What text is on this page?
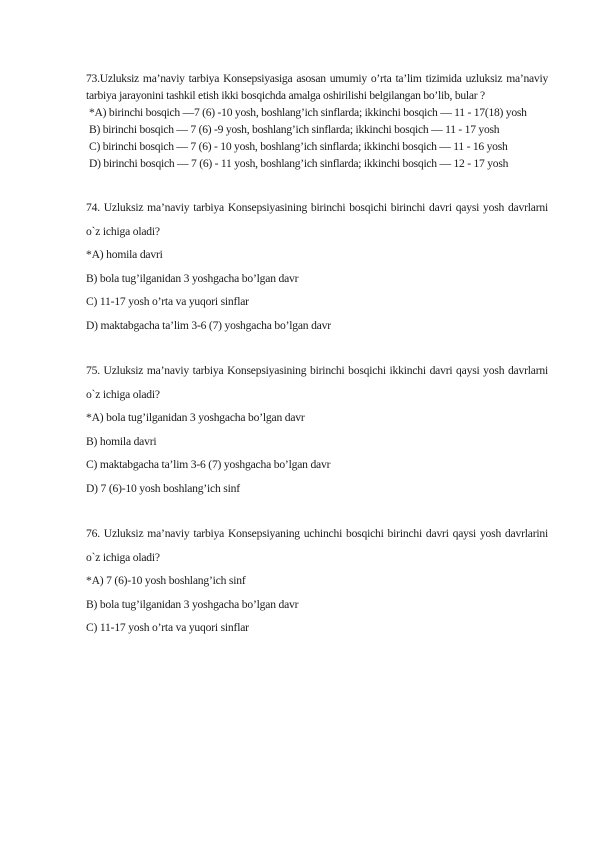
73.Uzluksiz ma’naviy tarbiya Konsepsiyasiga asosan umumiy o’rta ta’lim tizimida uzluksiz ma’naviy tarbiya jarayonini tashkil etish ikki bosqichda amalga oshirilishi belgilangan bo’lib, bular ?

*A) birinchi bosqich —7 (6) -10 yosh, boshlang’ich sinflarda; ikkinchi bosqich — 11 - 17(18) yosh

B) birinchi bosqich — 7 (6) -9 yosh, boshlang’ich sinflarda; ikkinchi bosqich — 11 - 17 yosh

C) birinchi bosqich — 7 (6) - 10 yosh, boshlang’ich sinflarda; ikkinchi bosqich — 11 - 16 yosh

D) birinchi bosqich — 7 (6) - 11 yosh, boshlang’ich sinflarda; ikkinchi bosqich — 12 - 17 yosh

74. Uzluksiz ma’naviy tarbiya Konsepsiyasining birinchi bosqichi birinchi davri qaysi yosh davrlarni o`z ichiga oladi?

*A) homila davri

B) bola tug’ilganidan 3 yoshgacha bo’lgan davr

C) 11-17 yosh o’rta va yuqori sinflar

D) maktabgacha ta’lim 3-6 (7) yoshgacha bo’lgan davr

75. Uzluksiz ma’naviy tarbiya Konsepsiyasining birinchi bosqichi ikkinchi davri qaysi yosh davrlarni o`z ichiga oladi?

*A) bola tug’ilganidan 3 yoshgacha bo’lgan davr

B) homila davri

C) maktabgacha ta’lim 3-6 (7) yoshgacha bo’lgan davr

D) 7 (6)-10 yosh boshlang’ich sinf

76. Uzluksiz ma’naviy tarbiya Konsepsiyaning uchinchi bosqichi birinchi davri qaysi yosh davrlarini o`z ichiga oladi?

*A) 7 (6)-10 yosh boshlang’ich sinf

B) bola tug’ilganidan 3 yoshgacha bo’lgan davr

C) 11-17 yosh o’rta va yuqori sinflar
